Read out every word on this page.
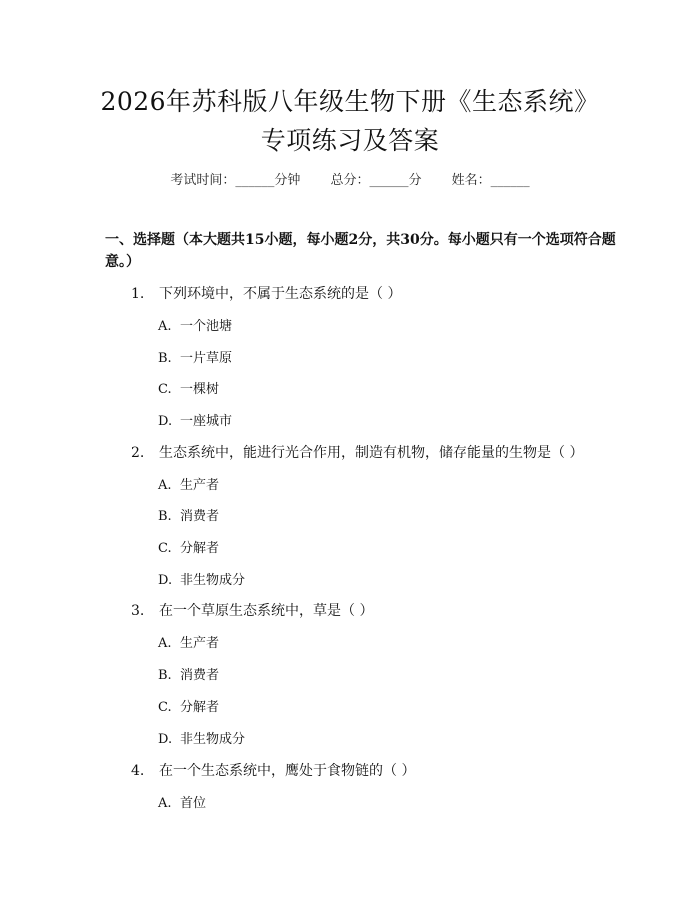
2026年苏科版八年级生物下册《生态系统》
专项练习及答案
考试时间：______分钟 总分：______分 姓名：______
一、选择题（本大题共15小题，每小题2分，共30分。每小题只有一个选项符合题意。）
1. 下列环境中，不属于生态系统的是（ ）
A. 一个池塘
B. 一片草原
C. 一棵树
D. 一座城市
2. 生态系统中，能进行光合作用，制造有机物，储存能量的生物是（ ）
A. 生产者
B. 消费者
C. 分解者
D. 非生物成分
3. 在一个草原生态系统中，草是（ ）
A. 生产者
B. 消费者
C. 分解者
D. 非生物成分
4. 在一个生态系统中，鹰处于食物链的（ ）
A. 首位
